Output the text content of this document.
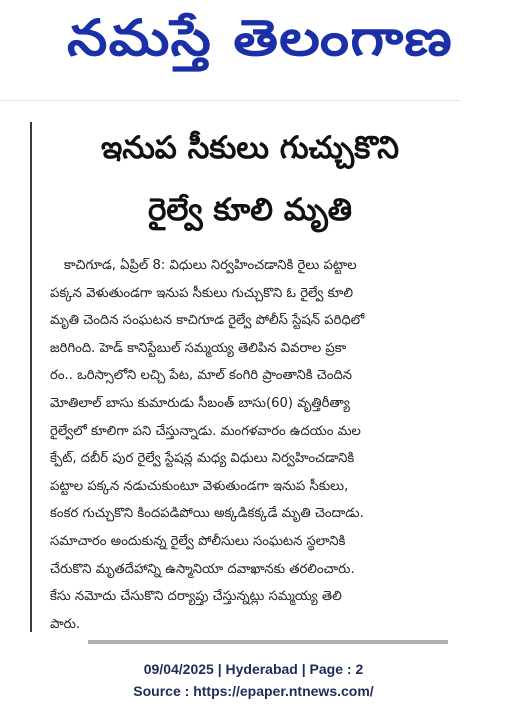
నమస్తే తెలంగాణ
ఇనుప సీకులు గుచ్చుకొని
రైల్వే కూలి మృతి
కాచిగూడ, ఏప్రిల్ 8: విధులు నిర్వహించడానికి రైలు పట్టాల
పక్కన వెళుతుండగా ఇనుప సీకులు గుచ్చుకొని ఓ రైల్వే కూలి
మృతి చెందిన సంఘటన కాచిగూడ రైల్వే పోలీస్ స్టేషన్ పరిధిలో
జరిగింది. హెడ్ కానిస్టేబుల్ సమ్మయ్య తెలిపిన వివరాల ప్రకా
రం.. ఒరిస్సాలోని లచ్చి పేట, మాల్ కంగిరి ప్రాంతానికి చెందిన
మోతిలాల్ బాసు కుమారుడు సీబంత్ బాసు(60) వృత్తిరీత్యా
రైల్వేలో కూలిగా పని చేస్తున్నాడు. మంగళవారం ఉదయం మల
క్పేట్, దబీర్ పుర రైల్వే స్టేషన్ల మధ్య విధులు నిర్వహించడానికి
పట్టాల పక్కన నడుచుకుంటూ వెళుతుండగా ఇనుప సీకులు,
కంకర గుచ్చుకొని కిందపడిపోయి అక్కడికక్కడే మృతి చెందాడు.
సమాచారం అందుకున్న రైల్వే పోలీసులు సంఘటన స్థలానికి
చేరుకొని మృతదేహాన్ని ఉస్మానియా దవాఖానకు తరలించారు.
కేసు నమోదు చేసుకొని దర్యాప్తు చేస్తున్నట్లు సమ్మయ్య తెలి
పారు.
09/04/2025 | Hyderabad | Page : 2
Source : https://epaper.ntnews.com/
